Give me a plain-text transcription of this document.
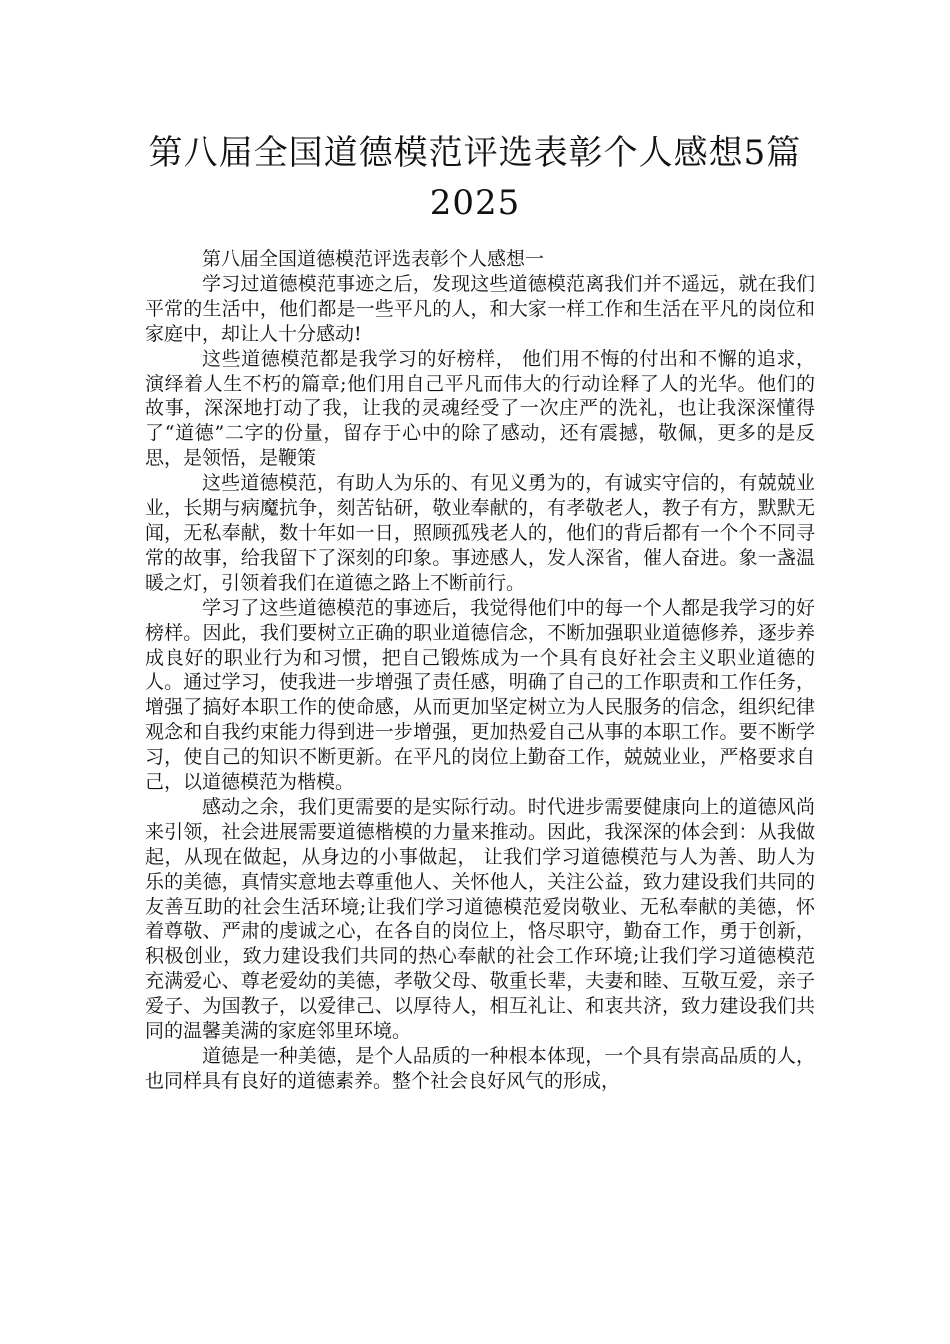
第八届全国道德模范评选表彰个人感想5篇2025

第八届全国道德模范评选表彰个人感想一

学习过道德模范事迹之后，发现这些道德模范离我们并不遥远，就在我们平常的生活中，他们都是一些平凡的人，和大家一样工作和生活在平凡的岗位和家庭中，却让人十分感动!

这些道德模范都是我学习的好榜样， 他们用不悔的付出和不懈的追求，演绎着人生不朽的篇章;他们用自己平凡而伟大的行动诠释了人的光华。他们的故事，深深地打动了我，让我的灵魂经受了一次庄严的洗礼，也让我深深懂得了“道德”二字的份量，留存于心中的除了感动，还有震撼，敬佩，更多的是反思，是领悟，是鞭策

这些道德模范，有助人为乐的、有见义勇为的，有诚实守信的，有兢兢业业，长期与病魔抗争，刻苦钻研，敬业奉献的，有孝敬老人，教子有方，默默无闻，无私奉献，数十年如一日，照顾孤残老人的，他们的背后都有一个个不同寻常的故事，给我留下了深刻的印象。事迹感人，发人深省，催人奋进。象一盏温暖之灯，引领着我们在道德之路上不断前行。

学习了这些道德模范的事迹后，我觉得他们中的每一个人都是我学习的好榜样。因此，我们要树立正确的职业道德信念，不断加强职业道德修养，逐步养成良好的职业行为和习惯，把自己锻炼成为一个具有良好社会主义职业道德的人。通过学习，使我进一步增强了责任感，明确了自己的工作职责和工作任务，增强了搞好本职工作的使命感，从而更加坚定树立为人民服务的信念，组织纪律观念和自我约束能力得到进一步增强，更加热爱自己从事的本职工作。要不断学习，使自己的知识不断更新。在平凡的岗位上勤奋工作，兢兢业业，严格要求自己，以道德模范为楷模。

感动之余，我们更需要的是实际行动。时代进步需要健康向上的道德风尚来引领，社会进展需要道德楷模的力量来推动。因此，我深深的体会到：从我做起，从现在做起，从身边的小事做起， 让我们学习道德模范与人为善、助人为乐的美德，真情实意地去尊重他人、关怀他人，关注公益，致力建设我们共同的友善互助的社会生活环境;让我们学习道德模范爱岗敬业、无私奉献的美德，怀着尊敬、严肃的虔诚之心，在各自的岗位上，恪尽职守，勤奋工作，勇于创新，积极创业，致力建设我们共同的热心奉献的社会工作环境;让我们学习道德模范充满爱心、尊老爱幼的美德，孝敬父母、敬重长辈，夫妻和睦、互敬互爱，亲子爱子、为国教子，以爱律己、以厚待人，相互礼让、和衷共济，致力建设我们共同的温馨美满的家庭邻里环境。

道德是一种美德，是个人品质的一种根本体现，一个具有崇高品质的人，也同样具有良好的道德素养。整个社会良好风气的形成，
